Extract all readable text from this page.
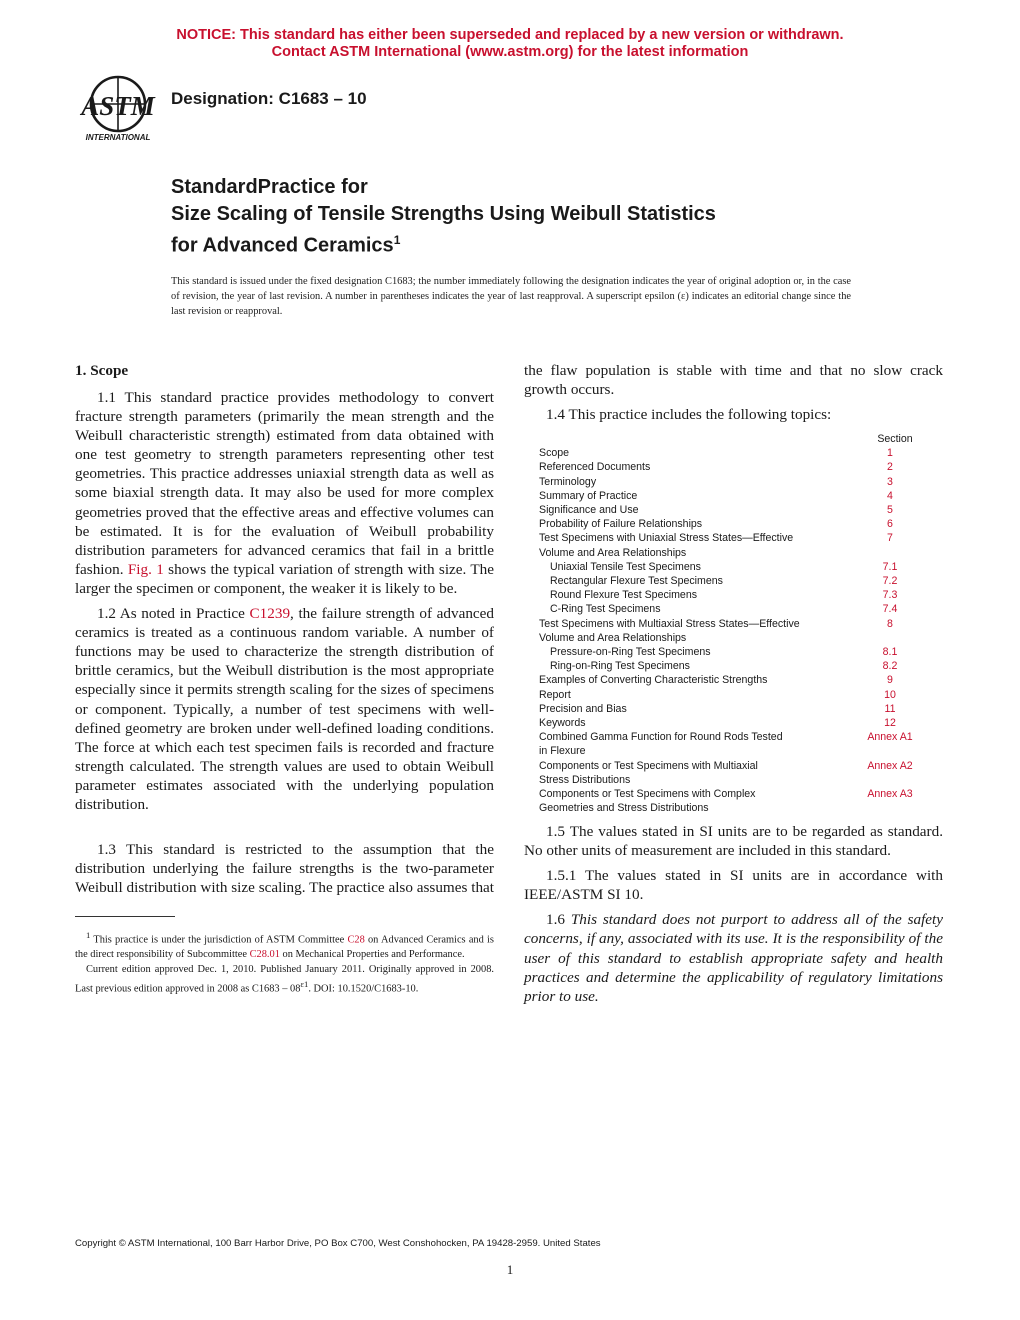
NOTICE: This standard has either been superseded and replaced by a new version or withdrawn.
Contact ASTM International (www.astm.org) for the latest information
ASTM
INTERNATIONAL
Designation: C1683 – 10
StandardPractice for
Size Scaling of Tensile Strengths Using Weibull Statistics
for Advanced Ceramics$^1$
This standard is issued under the fixed designation C1683; the number immediately following the designation indicates the year of original adoption or, in the case of revision, the year of last revision. A number in parentheses indicates the year of last reapproval. A superscript epsilon (ε) indicates an editorial change since the last revision or reapproval.
1. Scope

1.1 This standard practice provides methodology to convert fracture strength parameters (primarily the mean strength and the Weibull characteristic strength) estimated from data obtained with one test geometry to strength parameters representing other test geometries. This practice addresses uniaxial strength data as well as some biaxial strength data. It may also be used for more complex geometries proved that the effective areas and effective volumes can be estimated. It is for the evaluation of Weibull probability distribution parameters for advanced ceramics that fail in a brittle fashion. Fig. 1 shows the typical variation of strength with size. The larger the specimen or component, the weaker it is likely to be.

1.2 As noted in Practice C1239, the failure strength of advanced ceramics is treated as a continuous random variable. A number of functions may be used to characterize the strength distribution of brittle ceramics, but the Weibull distribution is the most appropriate especially since it permits strength scaling for the sizes of specimens or component. Typically, a number of test specimens with well-defined geometry are broken under well-defined loading conditions. The force at which each test specimen fails is recorded and fracture strength calculated. The strength values are used to obtain Weibull parameter estimates associated with the underlying population distribution.

1.3 This standard is restricted to the assumption that the distribution underlying the failure strengths is the two-parameter Weibull distribution with size scaling. The practice also assumes that

the flaw population is stable with time and that no slow crack growth occurs.

1.4 This practice includes the following topics:

Section
Scope	1
Referenced Documents	2
Terminology	3
Summary of Practice	4
Significance and Use	5
Probability of Failure Relationships	6
Test Specimens with Uniaxial Stress States—Effective	7
Volume and Area Relationships
Uniaxial Tensile Test Specimens	7.1
Rectangular Flexure Test Specimens	7.2
Round Flexure Test Specimens	7.3
C-Ring Test Specimens	7.4
Test Specimens with Multiaxial Stress States—Effective	8
Volume and Area Relationships
Pressure-on-Ring Test Specimens	8.1
Ring-on-Ring Test Specimens	8.2
Examples of Converting Characteristic Strengths	9
Report	10
Precision and Bias	11
Keywords	12
Combined Gamma Function for Round Rods Tested	Annex A1
in Flexure
Components or Test Specimens with Multiaxial	Annex A2
Stress Distributions
Components or Test Specimens with Complex	Annex A3
Geometries and Stress Distributions

1.5 The values stated in SI units are to be regarded as standard. No other units of measurement are included in this standard.

1.5.1 The values stated in SI units are in accordance with IEEE/ASTM SI 10.

1.6 This standard does not purport to address all of the safety concerns, if any, associated with its use. It is the responsibility of the user of this standard to establish appropriate safety and health practices and determine the applicability of regulatory limitations prior to use.

$^1$ This practice is under the jurisdiction of ASTM Committee C28 on Advanced Ceramics and is the direct responsibility of Subcommittee C28.01 on Mechanical Properties and Performance.

Current edition approved Dec. 1, 2010. Published January 2011. Originally approved in 2008. Last previous edition approved in 2008 as $C1683 - 08^{\varepsilon 1}$. DOI: 10.1520/C1683-10.

Copyright © ASTM International, 100 Barr Harbor Drive, PO Box C700, West Conshohocken, PA 19428-2959. United States
1
